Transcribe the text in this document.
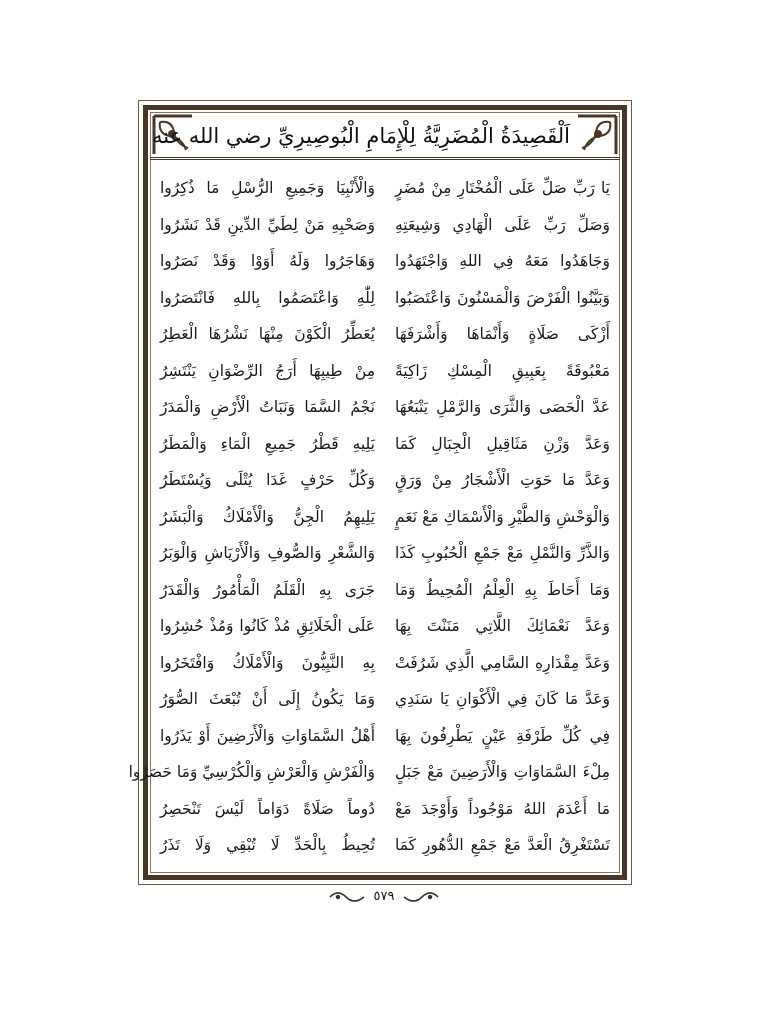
اَلْقَصِيدَةُ الْمُضَرِيَّةُ لِلْإِمَامِ الْبُوصِيرِيِّ رضي الله عنه
يَا رَبِّ صَلِّ عَلَى الْمُخْتَارِ مِنْ مُضَرٍ
وَالْأَنْبِيَا وَجَمِيعِ الرُّسْلِ مَا ذُكِرُوا
وَصَلِّ رَبِّ عَلَى الْهَادِي وَشِيعَتِهِ
وَصَحْبِهِ مَنْ لِطَيِّ الدِّينِ قَدْ نَشَرُوا
وَجَاهَدُوا مَعَهُ فِي اللهِ وَاجْتَهَدُوا
وَهَاجَرُوا وَلَهُ أَوَوْا وَقَدْ نَصَرُوا
وَبَيَّنُوا الْفَرْضَ وَالْمَسْنُونَ وَاعْتَصَبُوا
لِلّٰهِ وَاعْتَصَمُوا بِاللهِ فَانْتَصَرُوا
أَزْكَى صَلَاةٍ وَأَنْمَاهَا وَأَشْرَفَهَا
يُعَطِّرُ الْكَوْنَ مِنْهَا نَشْرُهَا الْعَطِرُ
مَعْبُوقَةً بِعَبِيقِ الْمِسْكِ زَاكِيَةً
مِنْ طِيبِهَا أَرَجُ الرِّضْوَانِ يَنْتَشِرُ
عَدَّ الْحَصَى وَالثَّرَى وَالرَّمْلِ يَتْبَعُهَا
نَجْمُ السَّمَا وَنَبَاتُ الْأَرْضِ وَالْمَدَرُ
وَعَدَّ وَزْنِ مَثَاقِيلِ الْجِبَالِ كَمَا
يَلِيهِ قَطْرُ جَمِيعِ الْمَاءِ وَالْمَطَرُ
وَعَدَّ مَا حَوَتِ الْأَشْجَارُ مِنْ وَرَقٍ
وَكُلِّ حَرْفٍ غَدَا يُتْلَى وَيُسْتَطَرُ
وَالْوَحْشِ وَالطَّيْرِ وَالْأَسْمَاكِ مَعْ نَعَمٍ
يَلِيهِمُ الْجِنُّ وَالْأَمْلَاكُ وَالْبَشَرُ
وَالذَّرِّ وَالنَّمْلِ مَعْ جَمْعِ الْحُبُوبِ كَذَا
وَالشَّعْرِ وَالصُّوفِ وَالْأَرْيَاشِ وَالْوَبَرُ
وَمَا أَحَاطَ بِهِ الْعِلْمُ الْمُحِيطُ وَمَا
جَرَى بِهِ الْقَلَمُ الْمَأْمُورُ وَالْقَدَرُ
وَعَدَّ نَعْمَائِكَ اللَّاتِي مَنَنْتَ بِهَا
عَلَى الْخَلَائِقِ مُذْ كَانُوا وَمُذْ حُشِرُوا
وَعَدَّ مِقْدَارِهِ السَّامِي الَّذِي شَرُفَتْ
بِهِ النَّبِيُّونَ وَالْأَمْلَاكُ وَافْتَخَرُوا
وَعَدَّ مَا كَانَ فِي الْأَكْوَانِ يَا سَنَدِي
وَمَا يَكُونُ إِلَى أَنْ تُبْعَثَ الصُّوَرُ
فِي كُلِّ طَرْفَةِ عَيْنٍ يَطْرِفُونَ بِهَا
أَهْلُ السَّمَاوَاتِ وَالْأَرَضِينَ أَوْ يَذَرُوا
مِلْءَ السَّمَاوَاتِ وَالْأَرَضِينَ مَعْ جَبَلٍ
وَالْفَرْشِ وَالْعَرْشِ وَالْكُرْسِيِّ وَمَا حَصَرُوا
مَا أَعْدَمَ اللهُ مَوْجُوداً وَأَوْجَدَ مَعْ
دُوماً صَلَاةً دَوَاماً لَيْسَ تَنْحَصِرُ
تَسْتَغْرِقُ الْعَدَّ مَعْ جَمْعِ الدُّهُورِ كَمَا
تُحِيطُ بِالْحَدِّ لَا تُبْقِي وَلَا تَذَرُ
٥٧٩
